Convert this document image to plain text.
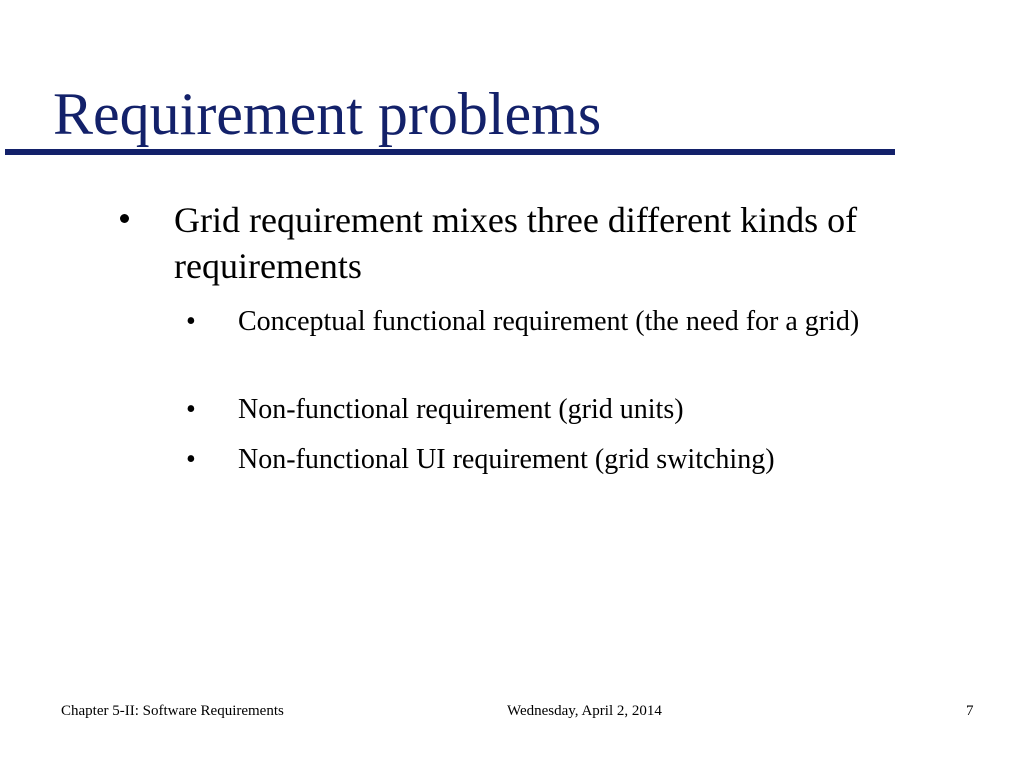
Requirement problems
Grid requirement mixes three different kinds of requirements
• Conceptual functional requirement (the need for a grid)
• Non-functional requirement (grid units)
• Non-functional UI requirement (grid switching)
Chapter 5-II: Software Requirements	Wednesday, April 2, 2014	7
